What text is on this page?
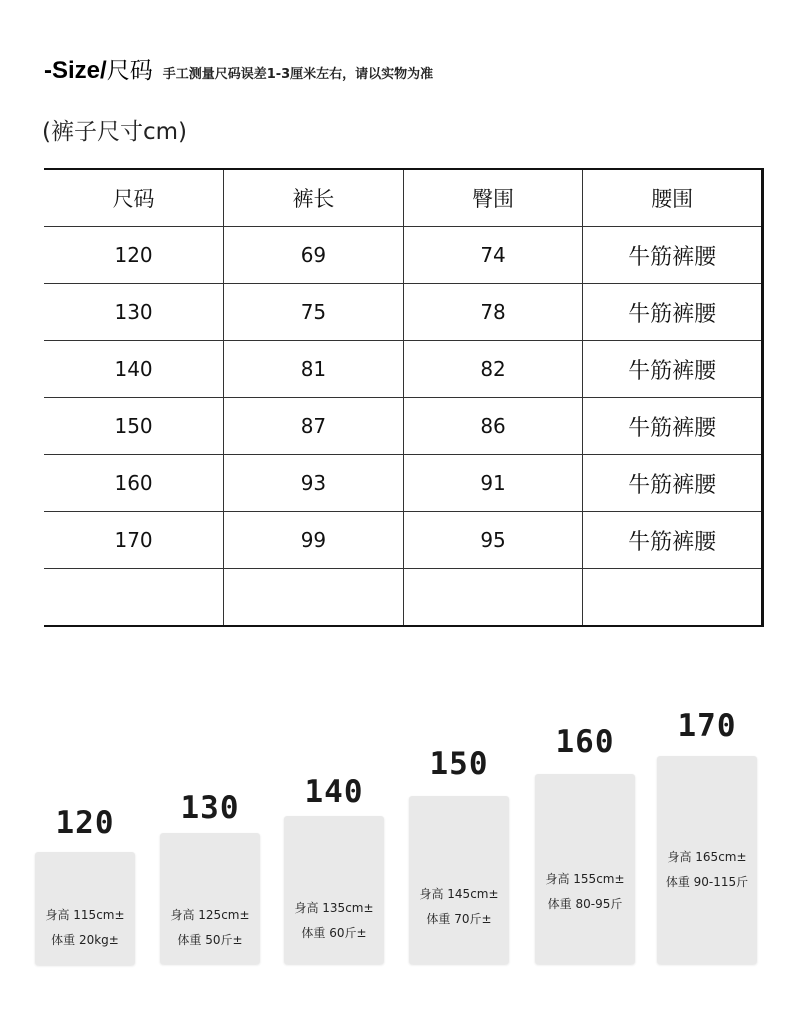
-Size/尺码 手工测量尺码误差1-3厘米左右，请以实物为准
(裤子尺寸cm)
尺码	裤长	臀围	腰围
120	69	74	牛筋裤腰
130	75	78	牛筋裤腰
140	81	82	牛筋裤腰
150	87	86	牛筋裤腰
160	93	91	牛筋裤腰
170	99	95	牛筋裤腰

120
身高 115cm±
体重 20kg±
130
身高 125cm±
体重 50斤±
140
身高 135cm±
体重 60斤±
150
身高 145cm±
体重 70斤±
160
身高 155cm±
体重 80-95斤
170
身高 165cm±
体重 90-115斤
